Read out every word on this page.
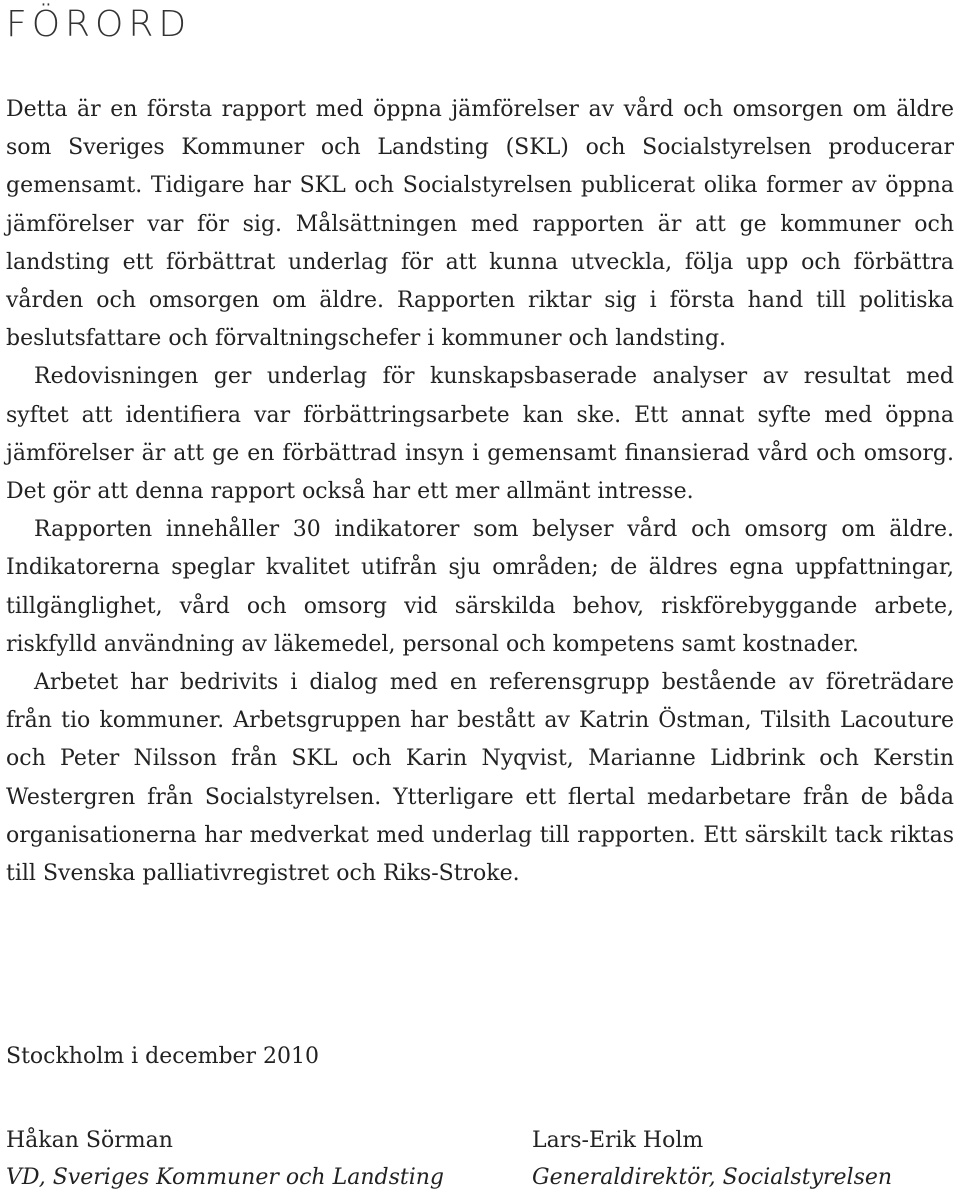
FÖRORD

Detta är en första rapport med öppna jämförelser av vård och omsorgen om äldre som Sveriges Kommuner och Landsting (SKL) och Socialstyrelsen producerar gemensamt. Tidigare har SKL och Socialstyrelsen publicerat olika former av öppna jämförelser var för sig. Målsättningen med rapporten är att ge kommuner och landsting ett förbättrat underlag för att kunna utveckla, följa upp och förbättra vården och omsorgen om äldre. Rapporten riktar sig i första hand till politiska beslutsfattare och förvaltningschefer i kommuner och landsting.

Redovisningen ger underlag för kunskapsbaserade analyser av resultat med syftet att identifiera var förbättringsarbete kan ske. Ett annat syfte med öppna jämförelser är att ge en förbättrad insyn i gemensamt finansierad vård och omsorg. Det gör att denna rapport också har ett mer allmänt intresse.

Rapporten innehåller 30 indikatorer som belyser vård och omsorg om äldre. Indikatorerna speglar kvalitet utifrån sju områden; de äldres egna uppfattningar, tillgänglighet, vård och omsorg vid särskilda behov, riskförebyggande arbete, riskfylld användning av läkemedel, personal och kompetens samt kostnader.

Arbetet har bedrivits i dialog med en referensgrupp bestående av företrädare från tio kommuner. Arbetsgruppen har bestått av Katrin Östman, Tilsith Lacouture och Peter Nilsson från SKL och Karin Nyqvist, Marianne Lidbrink och Kerstin Westergren från Socialstyrelsen. Ytterligare ett flertal medarbetare från de båda organisationerna har medverkat med underlag till rapporten. Ett särskilt tack riktas till Svenska palliativregistret och Riks-Stroke.

Stockholm i december 2010

Håkan Sörman
VD, Sveriges Kommuner och Landsting
Lars-Erik Holm
Generaldirektör, Socialstyrelsen
